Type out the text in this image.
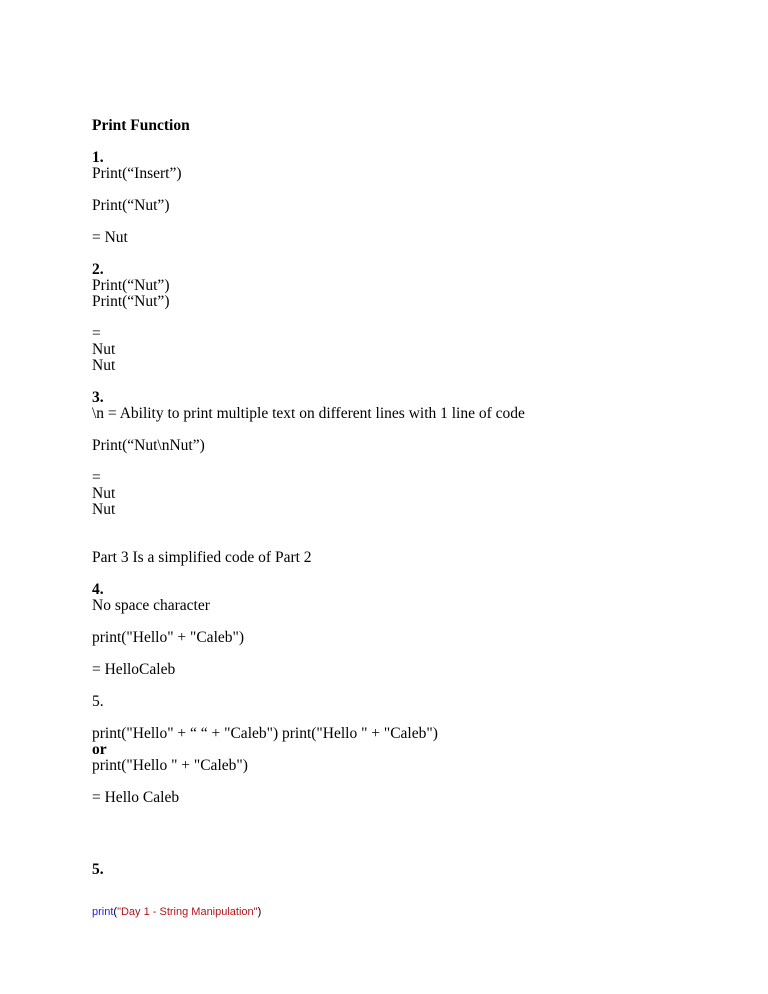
Print Function
1.
Print(“Insert”)
Print(“Nut”)
= Nut
2.
Print(“Nut”)
Print(“Nut”)
=
Nut
Nut
3.
\n = Ability to print multiple text on different lines with 1 line of code
Print(“Nut\nNut”)
=
Nut
Nut
Part 3 Is a simplified code of Part 2
4.
No space character
print("Hello" + "Caleb")
= HelloCaleb
5.
print("Hello" + “ “ + "Caleb") print("Hello " + "Caleb")
or
print("Hello " + "Caleb")
= Hello Caleb
5.
print("Day 1 - String Manipulation")
